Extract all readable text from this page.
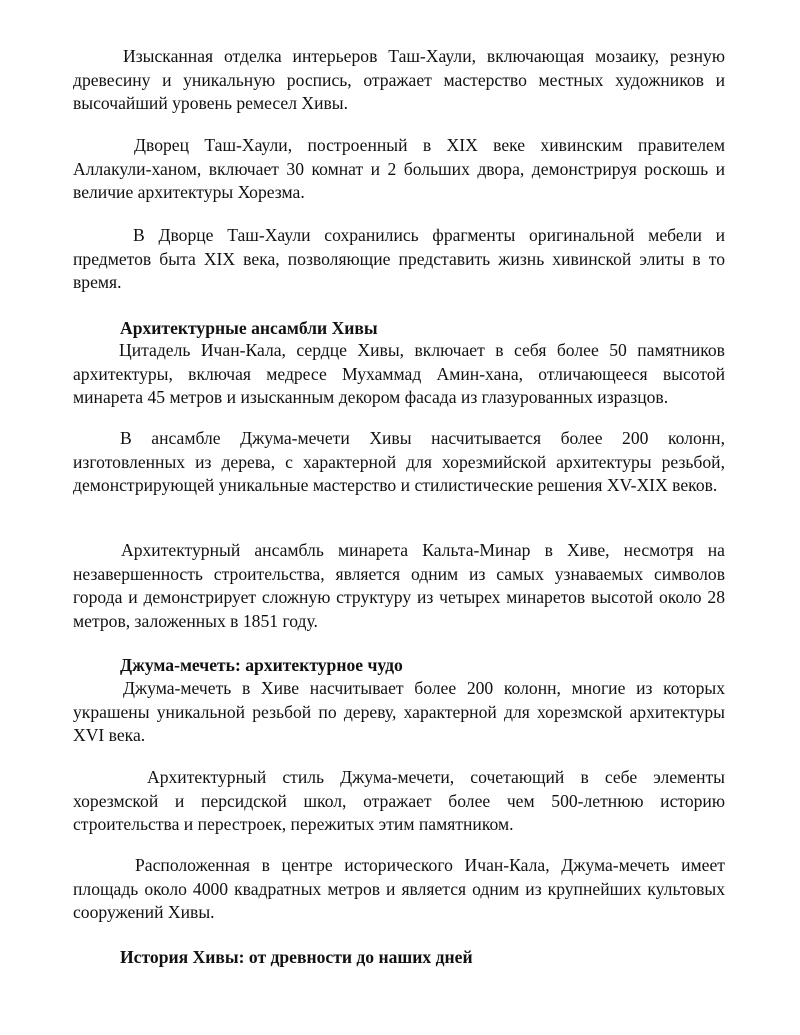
Изысканная отделка интерьеров Таш-Хаули, включающая мозаику, резную древесину и уникальную роспись, отражает мастерство местных художников и высочайший уровень ремесел Хивы.

Дворец Таш-Хаули, построенный в XIX веке хивинским правителем Аллакули-ханом, включает 30 комнат и 2 больших двора, демонстрируя роскошь и величие архитектуры Хорезма.

В Дворце Таш-Хаули сохранились фрагменты оригинальной мебели и предметов быта XIX века, позволяющие представить жизнь хивинской элиты в то время.

Архитектурные ансамбли Хивы

Цитадель Ичан-Кала, сердце Хивы, включает в себя более 50 памятников архитектуры, включая медресе Мухаммад Амин-хана, отличающееся высотой минарета 45 метров и изысканным декором фасада из глазурованных изразцов.

В ансамбле Джума-мечети Хивы насчитывается более 200 колонн, изготовленных из дерева, с характерной для хорезмийской архитектуры резьбой, демонстрирующей уникальные мастерство и стилистические решения XV-XIX веков.

Архитектурный ансамбль минарета Кальта-Минар в Хиве, несмотря на незавершенность строительства, является одним из самых узнаваемых символов города и демонстрирует сложную структуру из четырех минаретов высотой около 28 метров, заложенных в 1851 году.

Джума-мечеть: архитектурное чудо

Джума-мечеть в Хиве насчитывает более 200 колонн, многие из которых украшены уникальной резьбой по дереву, характерной для хорезмской архитектуры XVI века.

Архитектурный стиль Джума-мечети, сочетающий в себе элементы хорезмской и персидской школ, отражает более чем 500-летнюю историю строительства и перестроек, пережитых этим памятником.

Расположенная в центре исторического Ичан-Кала, Джума-мечеть имеет площадь около 4000 квадратных метров и является одним из крупнейших культовых сооружений Хивы.

История Хивы: от древности до наших дней
